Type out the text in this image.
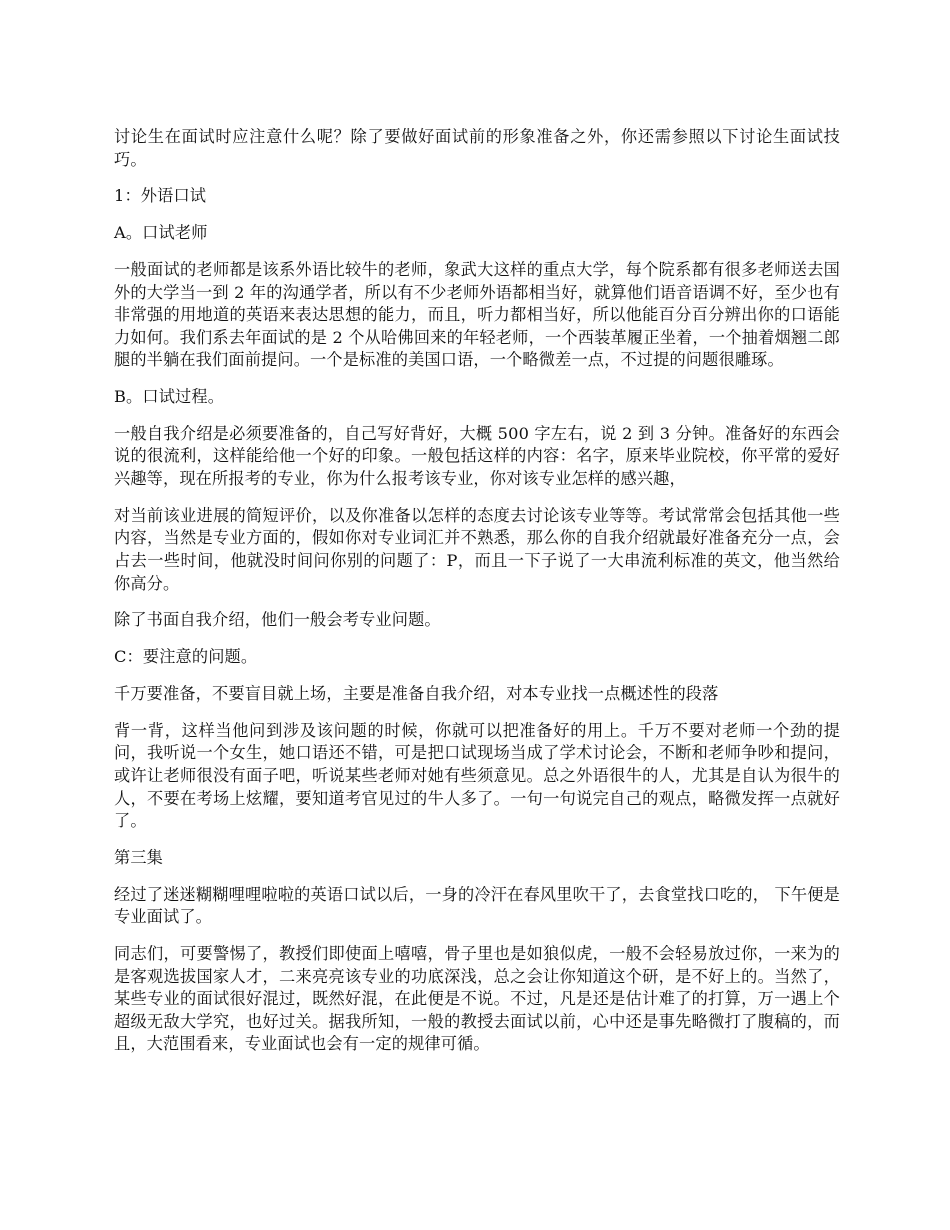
讨论生在面试时应注意什么呢？除了要做好面试前的形象准备之外，你还需参照以下讨论生面试技巧。

1：外语口试

A。口试老师

一般面试的老师都是该系外语比较牛的老师，象武大这样的重点大学，每个院系都有很多老师送去国外的大学当一到 2 年的沟通学者，所以有不少老师外语都相当好，就算他们语音语调不好，至少也有非常强的用地道的英语来表达思想的能力，而且，听力都相当好，所以他能百分百分辨出你的口语能力如何。我们系去年面试的是 2 个从哈佛回来的年轻老师，一个西装革履正坐着，一个抽着烟翘二郎腿的半躺在我们面前提问。一个是标准的美国口语，一个略微差一点，不过提的问题很雕琢。

B。口试过程。

一般自我介绍是必须要准备的，自己写好背好，大概 500 字左右，说 2 到 3 分钟。准备好的东西会说的很流利，这样能给他一个好的印象。一般包括这样的内容：名字，原来毕业院校，你平常的爱好兴趣等，现在所报考的专业，你为什么报考该专业，你对该专业怎样的感兴趣，

对当前该业进展的简短评价，以及你准备以怎样的态度去讨论该专业等等。考试常常会包括其他一些内容，当然是专业方面的，假如你对专业词汇并不熟悉，那么你的自我介绍就最好准备充分一点，会占去一些时间，他就没时间问你别的问题了：P，而且一下子说了一大串流利标准的英文，他当然给你高分。

除了书面自我介绍，他们一般会考专业问题。

C：要注意的问题。

千万要准备，不要盲目就上场，主要是准备自我介绍，对本专业找一点概述性的段落

背一背，这样当他问到涉及该问题的时候，你就可以把准备好的用上。千万不要对老师一个劲的提问，我听说一个女生，她口语还不错，可是把口试现场当成了学术讨论会，不断和老师争吵和提问，或许让老师很没有面子吧，听说某些老师对她有些须意见。总之外语很牛的人，尤其是自认为很牛的人，不要在考场上炫耀，要知道考官见过的牛人多了。一句一句说完自己的观点，略微发挥一点就好了。

第三集

经过了迷迷糊糊哩哩啦啦的英语口试以后，一身的冷汗在春风里吹干了，去食堂找口吃的， 下午便是专业面试了。

同志们，可要警惕了，教授们即使面上嘻嘻，骨子里也是如狼似虎，一般不会轻易放过你，一来为的是客观选拔国家人才，二来亮亮该专业的功底深浅，总之会让你知道这个研，是不好上的。当然了，某些专业的面试很好混过，既然好混，在此便是不说。不过，凡是还是估计难了的打算，万一遇上个超级无敌大学究，也好过关。据我所知，一般的教授去面试以前，心中还是事先略微打了腹稿的，而且，大范围看来，专业面试也会有一定的规律可循。
